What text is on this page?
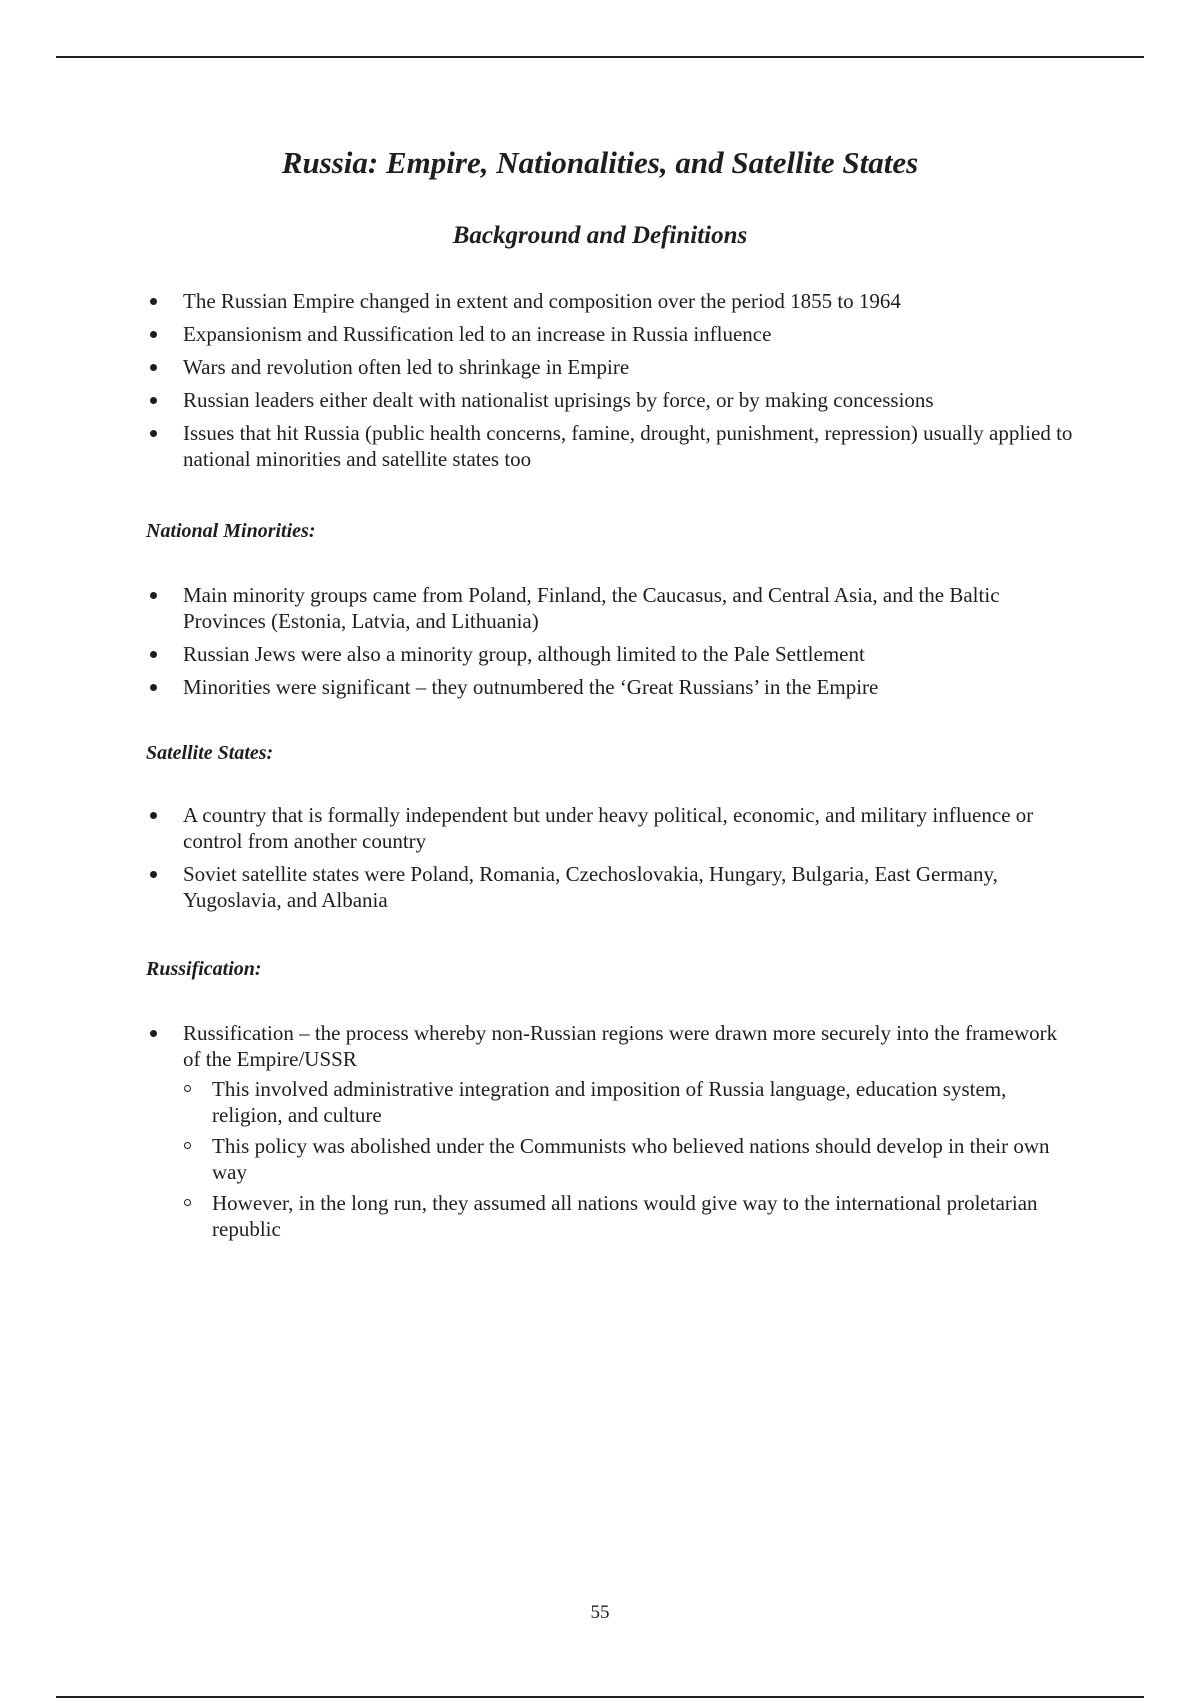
Russia: Empire, Nationalities, and Satellite States
Background and Definitions
The Russian Empire changed in extent and composition over the period 1855 to 1964
Expansionism and Russification led to an increase in Russia influence
Wars and revolution often led to shrinkage in Empire
Russian leaders either dealt with nationalist uprisings by force, or by making concessions
Issues that hit Russia (public health concerns, famine, drought, punishment, repression) usually applied to national minorities and satellite states too
National Minorities:
Main minority groups came from Poland, Finland, the Caucasus, and Central Asia, and the Baltic Provinces (Estonia, Latvia, and Lithuania)
Russian Jews were also a minority group, although limited to the Pale Settlement
Minorities were significant – they outnumbered the ‘Great Russians’ in the Empire
Satellite States:
A country that is formally independent but under heavy political, economic, and military influence or control from another country
Soviet satellite states were Poland, Romania, Czechoslovakia, Hungary, Bulgaria, East Germany, Yugoslavia, and Albania
Russification:
Russification – the process whereby non-Russian regions were drawn more securely into the framework of the Empire/USSR
This involved administrative integration and imposition of Russia language, education system, religion, and culture
This policy was abolished under the Communists who believed nations should develop in their own way
However, in the long run, they assumed all nations would give way to the international proletarian republic
55
